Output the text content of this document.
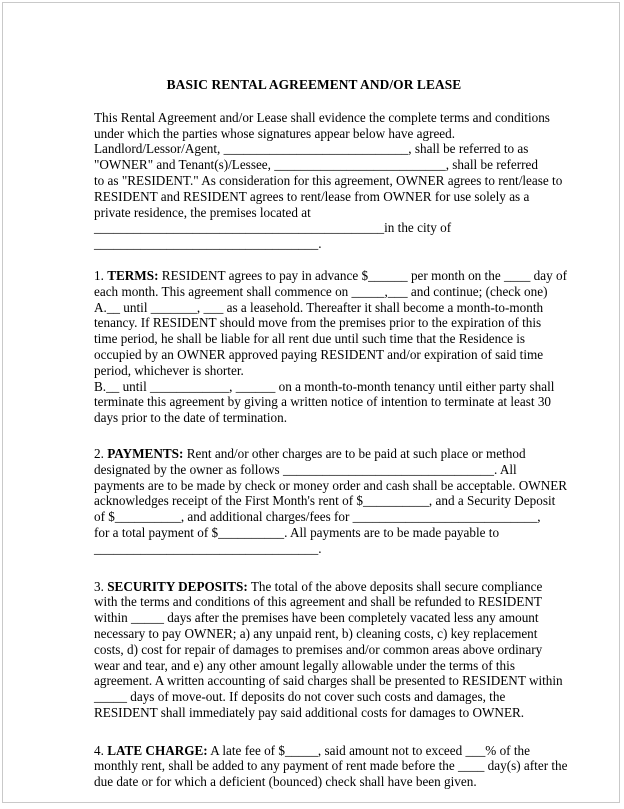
BASIC RENTAL AGREEMENT AND/OR LEASE
This Rental Agreement and/or Lease shall evidence the complete terms and conditions
under which the parties whose signatures appear below have agreed.
Landlord/Lessor/Agent, ____________________________, shall be referred to as
"OWNER" and Tenant(s)/Lessee, __________________________, shall be referred
to as "RESIDENT." As consideration for this agreement, OWNER agrees to rent/lease to
RESIDENT and RESIDENT agrees to rent/lease from OWNER for use solely as a
private residence, the premises located at
____________________________________________in the city of
__________________________________.
1. TERMS: RESIDENT agrees to pay in advance $______ per month on the ____ day of
each month. This agreement shall commence on _____,___ and continue; (check one)
A.__ until _______, ___ as a leasehold. Thereafter it shall become a month-to-month
tenancy. If RESIDENT should move from the premises prior to the expiration of this
time period, he shall be liable for all rent due until such time that the Residence is
occupied by an OWNER approved paying RESIDENT and/or expiration of said time
period, whichever is shorter.
B.__ until ____________, ______ on a month-to-month tenancy until either party shall
terminate this agreement by giving a written notice of intention to terminate at least 30
days prior to the date of termination.
2. PAYMENTS: Rent and/or other charges are to be paid at such place or method
designated by the owner as follows ________________________________. All
payments are to be made by check or money order and cash shall be acceptable. OWNER
acknowledges receipt of the First Month's rent of $__________, and a Security Deposit
of $__________, and additional charges/fees for ____________________________,
for a total payment of $__________. All payments are to be made payable to
__________________________________.
3. SECURITY DEPOSITS: The total of the above deposits shall secure compliance
with the terms and conditions of this agreement and shall be refunded to RESIDENT
within _____ days after the premises have been completely vacated less any amount
necessary to pay OWNER; a) any unpaid rent, b) cleaning costs, c) key replacement
costs, d) cost for repair of damages to premises and/or common areas above ordinary
wear and tear, and e) any other amount legally allowable under the terms of this
agreement. A written accounting of said charges shall be presented to RESIDENT within
_____ days of move-out. If deposits do not cover such costs and damages, the
RESIDENT shall immediately pay said additional costs for damages to OWNER.
4. LATE CHARGE: A late fee of $_____, said amount not to exceed ___% of the
monthly rent, shall be added to any payment of rent made before the ____ day(s) after the
due date or for which a deficient (bounced) check shall have been given.
